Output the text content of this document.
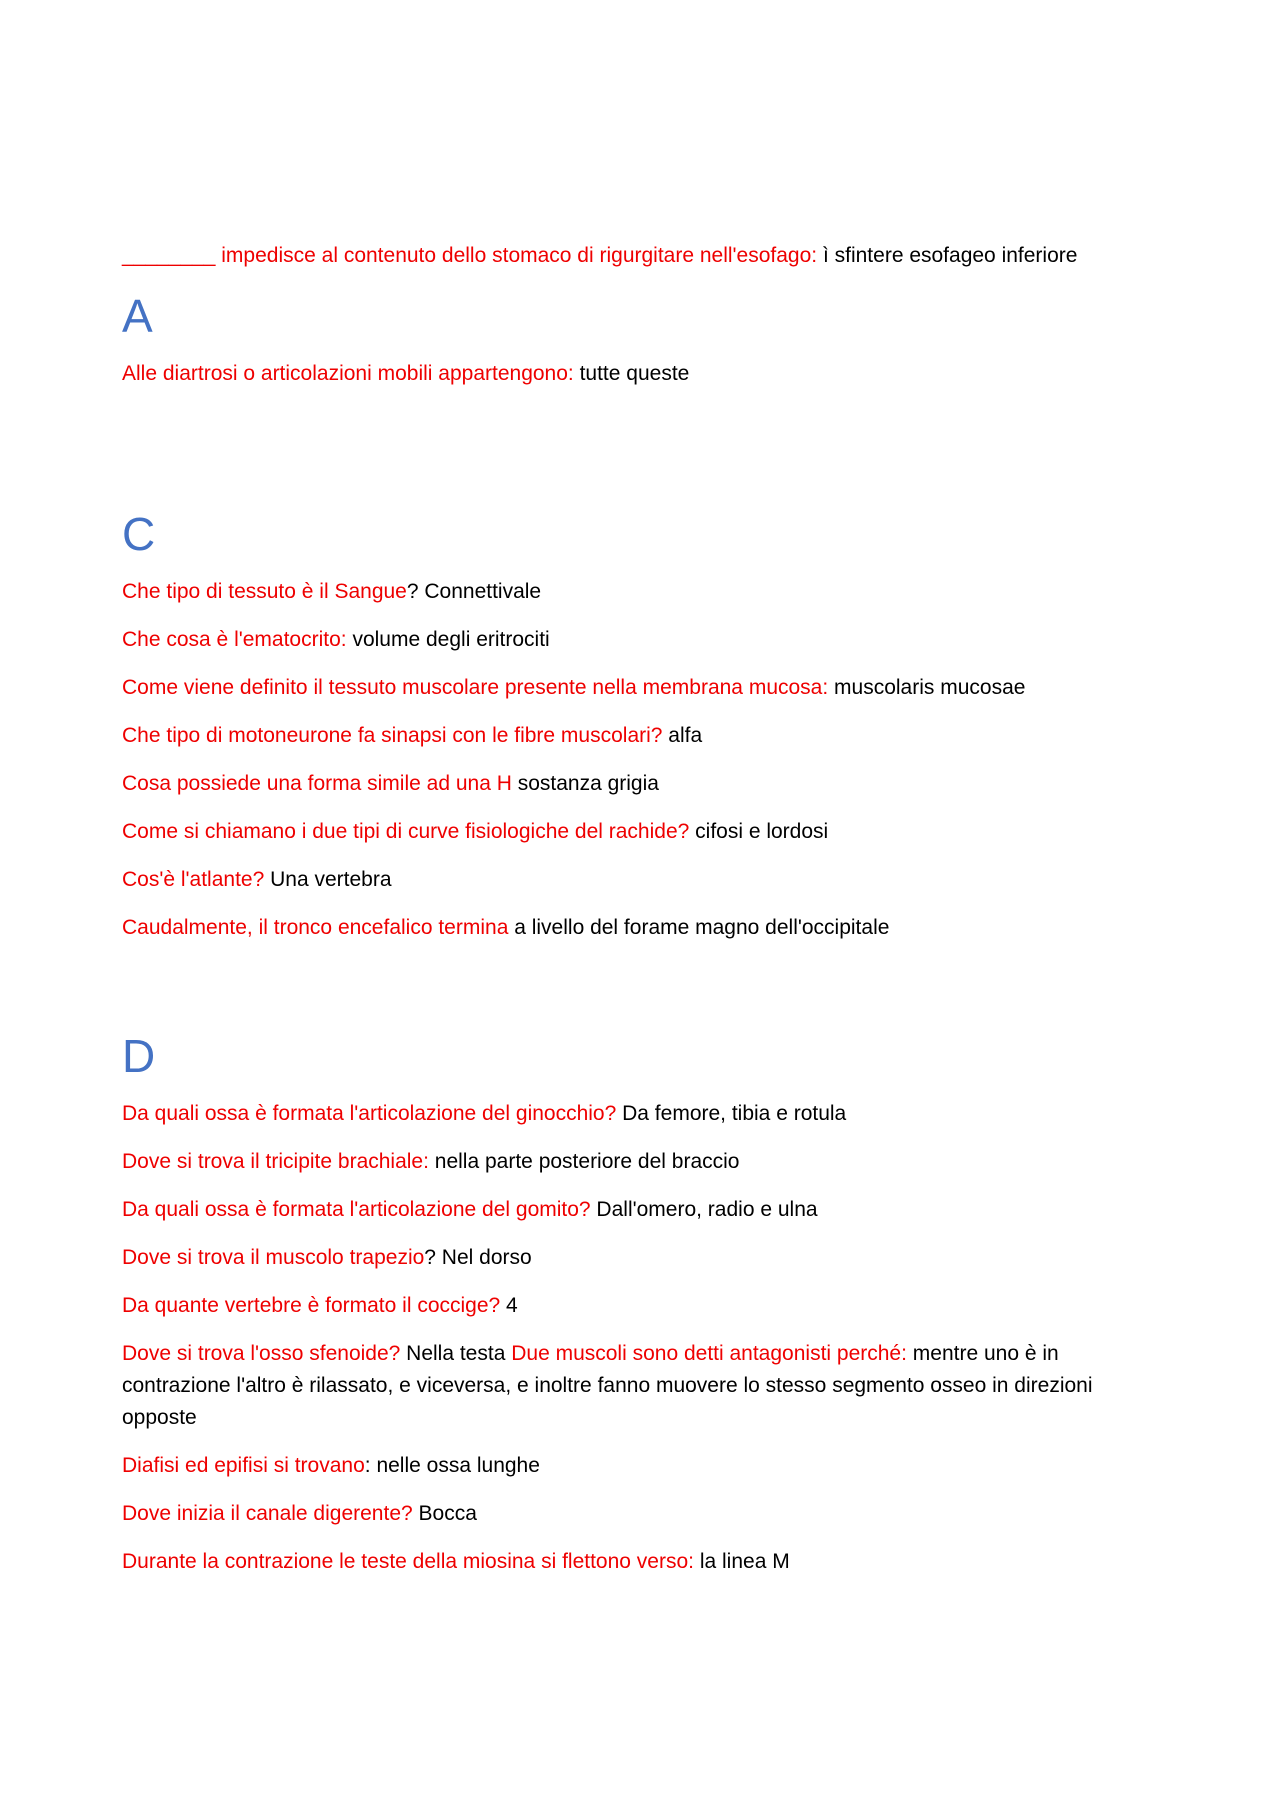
________ impedisce al contenuto dello stomaco di rigurgitare nell'esofago: ì sfintere esofageo inferiore

A

Alle diartrosi o articolazioni mobili appartengono: tutte queste

C

Che tipo di tessuto è il Sangue? Connettivale

Che cosa è l'ematocrito: volume degli eritrociti

Come viene definito il tessuto muscolare presente nella membrana mucosa: muscolaris mucosae

Che tipo di motoneurone fa sinapsi con le fibre muscolari? alfa

Cosa possiede una forma simile ad una H sostanza grigia

Come si chiamano i due tipi di curve fisiologiche del rachide? cifosi e lordosi

Cos'è l'atlante? Una vertebra

Caudalmente, il tronco encefalico termina a livello del forame magno dell'occipitale

D

Da quali ossa è formata l'articolazione del ginocchio? Da femore, tibia e rotula

Dove si trova il tricipite brachiale: nella parte posteriore del braccio

Da quali ossa è formata l'articolazione del gomito? Dall'omero, radio e ulna

Dove si trova il muscolo trapezio? Nel dorso

Da quante vertebre è formato il coccige? 4

Dove si trova l'osso sfenoide? Nella testa Due muscoli sono detti antagonisti perché: mentre uno è in contrazione l'altro è rilassato, e viceversa, e inoltre fanno muovere lo stesso segmento osseo in direzioni opposte

Diafisi ed epifisi si trovano: nelle ossa lunghe

Dove inizia il canale digerente? Bocca

Durante la contrazione le teste della miosina si flettono verso: la linea M
